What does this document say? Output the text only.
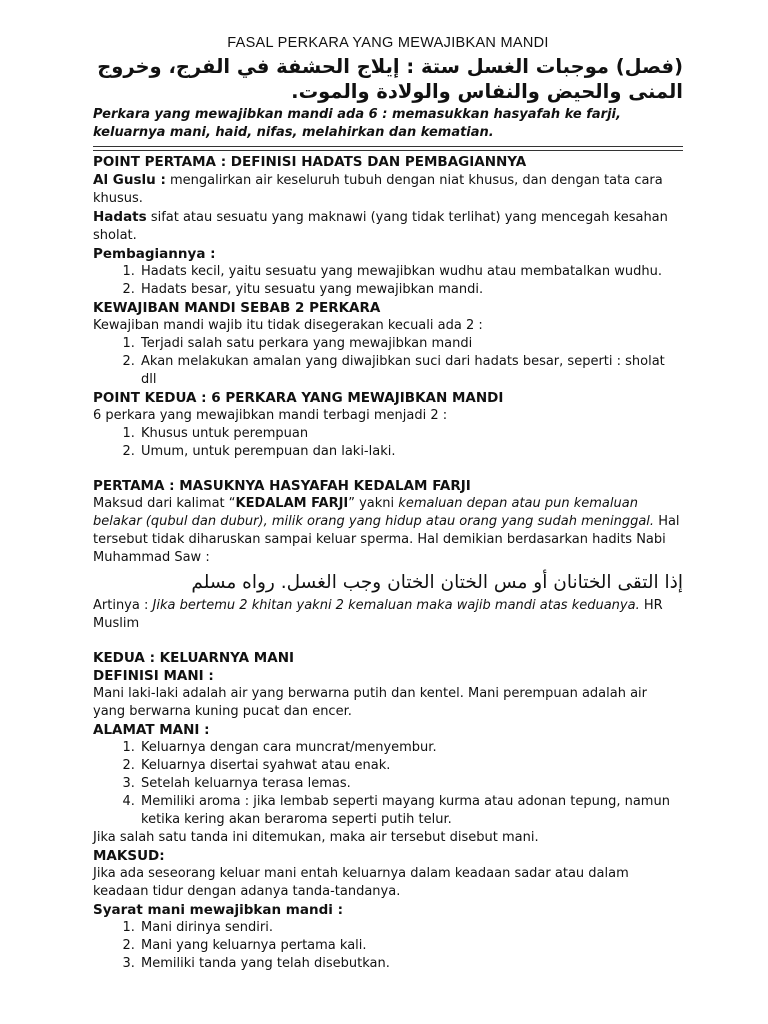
FASAL PERKARA YANG MEWAJIBKAN MANDI
(فصل) موجبات الغسل ستة : إيلاج الحشفة في الفرج، وخروج المنى والحيض والنفاس والولادة والموت.
Perkara yang mewajibkan mandi ada 6 : memasukkan hasyafah ke farji, keluarnya mani, haid, nifas, melahirkan dan kematian.
POINT PERTAMA : DEFINISI HADATS DAN PEMBAGIANNYA

Al Guslu : mengalirkan air keseluruh tubuh dengan niat khusus, dan dengan tata cara khusus.

Hadats sifat atau sesuatu yang maknawi (yang tidak terlihat) yang mencegah kesahan sholat.

Pembagiannya :
1. Hadats kecil, yaitu sesuatu yang mewajibkan wudhu atau membatalkan wudhu.
2. Hadats besar, yitu sesuatu yang mewajibkan mandi.
KEWAJIBAN MANDI SEBAB 2 PERKARA

Kewajiban mandi wajib itu tidak disegerakan kecuali ada 2 :

1. Terjadi salah satu perkara yang mewajibkan mandi
2. Akan melakukan amalan yang diwajibkan suci dari hadats besar, seperti : sholat dll
POINT KEDUA : 6 PERKARA YANG MEWAJIBKAN MANDI

6 perkara yang mewajibkan mandi terbagi menjadi 2 :

1. Khusus untuk perempuan
2. Umum, untuk perempuan dan laki-laki.
PERTAMA : MASUKNYA HASYAFAH KEDALAM FARJI

Maksud dari kalimat “KEDALAM FARJI” yakni kemaluan depan atau pun kemaluan belakar (qubul dan dubur), milik orang yang hidup atau orang yang sudah meninggal. Hal tersebut tidak diharuskan sampai keluar sperma. Hal demikian berdasarkan hadits Nabi Muhammad Saw :

إذا التقى الختانان أو مس الختان الختان وجب الغسل. رواه مسلم

Artinya : Jika bertemu 2 khitan yakni 2 kemaluan maka wajib mandi atas keduanya. HR Muslim

KEDUA : KELUARNYA MANI
DEFINISI MANI :

Mani laki-laki adalah air yang berwarna putih dan kentel. Mani perempuan adalah air yang berwarna kuning pucat dan encer.

ALAMAT MANI :
1. Keluarnya dengan cara muncrat/menyembur.
2. Keluarnya disertai syahwat atau enak.
3. Setelah keluarnya terasa lemas.
4. Memiliki aroma : jika lembab seperti mayang kurma atau adonan tepung, namun ketika kering akan beraroma seperti putih telur.

Jika salah satu tanda ini ditemukan, maka air tersebut disebut mani.

MAKSUD:

Jika ada seseorang keluar mani entah keluarnya dalam keadaan sadar atau dalam keadaan tidur dengan adanya tanda-tandanya.

Syarat mani mewajibkan mandi :
1. Mani dirinya sendiri.
2. Mani yang keluarnya pertama kali.
3. Memiliki tanda yang telah disebutkan.
